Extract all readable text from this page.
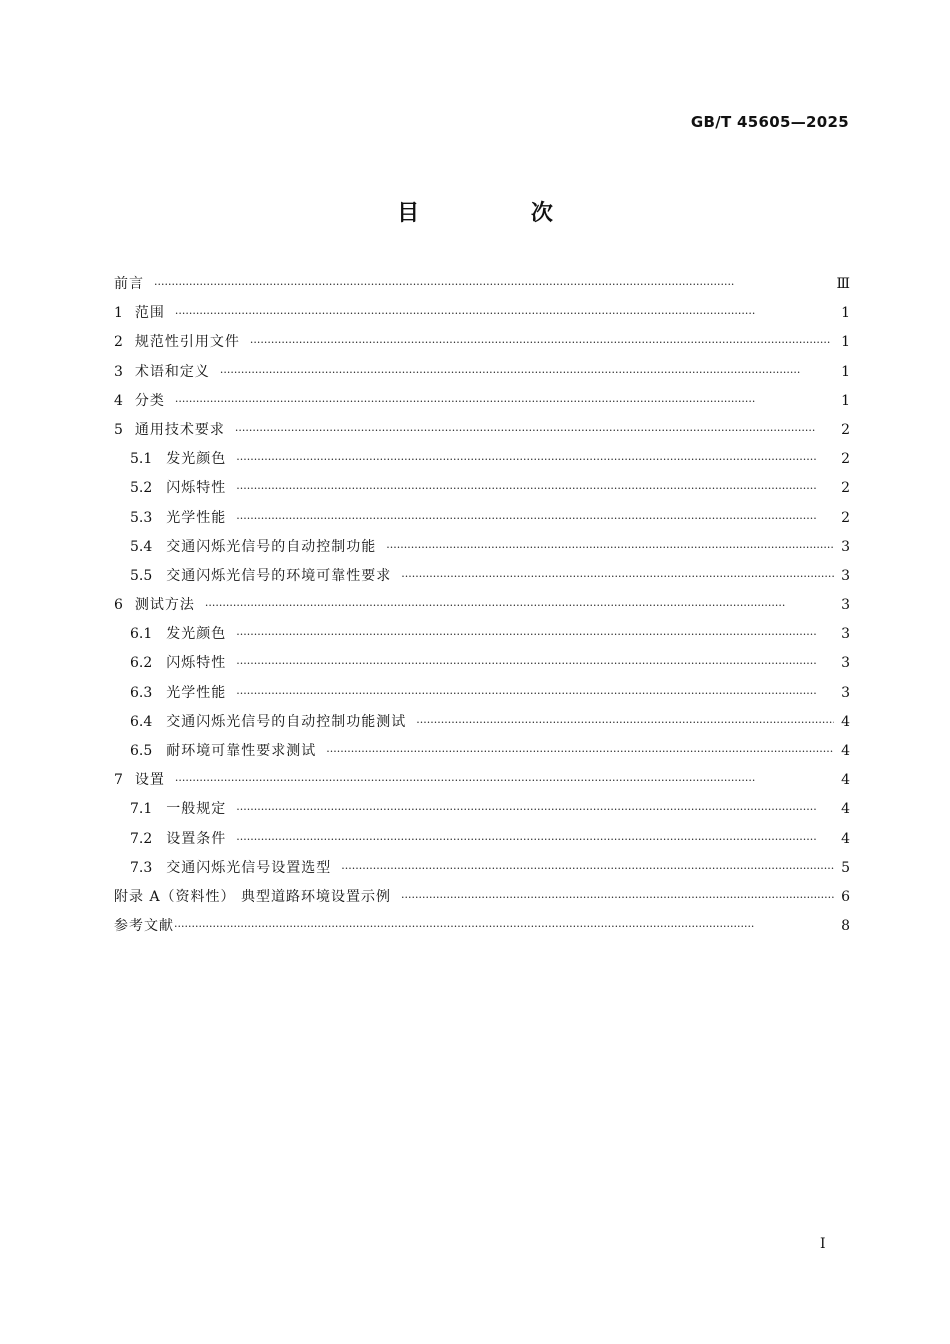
GB/T 45605—2025
目 次
前言 ·····	Ⅲ
1 范围 ·····	1
2 规范性引用文件 ·····	1
3 术语和定义 ·····	1
4 分类 ·····	1
5 通用技术要求 ·····	2
5.1 发光颜色 ·····	2
5.2 闪烁特性 ·····	2
5.3 光学性能 ·····	2
5.4 交通闪烁光信号的自动控制功能 ·····	3
5.5 交通闪烁光信号的环境可靠性要求 ·····	3
6 测试方法 ·····	3
6.1 发光颜色 ·····	3
6.2 闪烁特性 ·····	3
6.3 光学性能 ·····	3
6.4 交通闪烁光信号的自动控制功能测试 ·····	4
6.5 耐环境可靠性要求测试 ·····	4
7 设置 ·····	4
7.1 一般规定 ·····	4
7.2 设置条件 ·····	4
7.3 交通闪烁光信号设置选型 ·····	5
附录 A（资料性） 典型道路环境设置示例 ·····	6
参考文献 ·····	8
I
